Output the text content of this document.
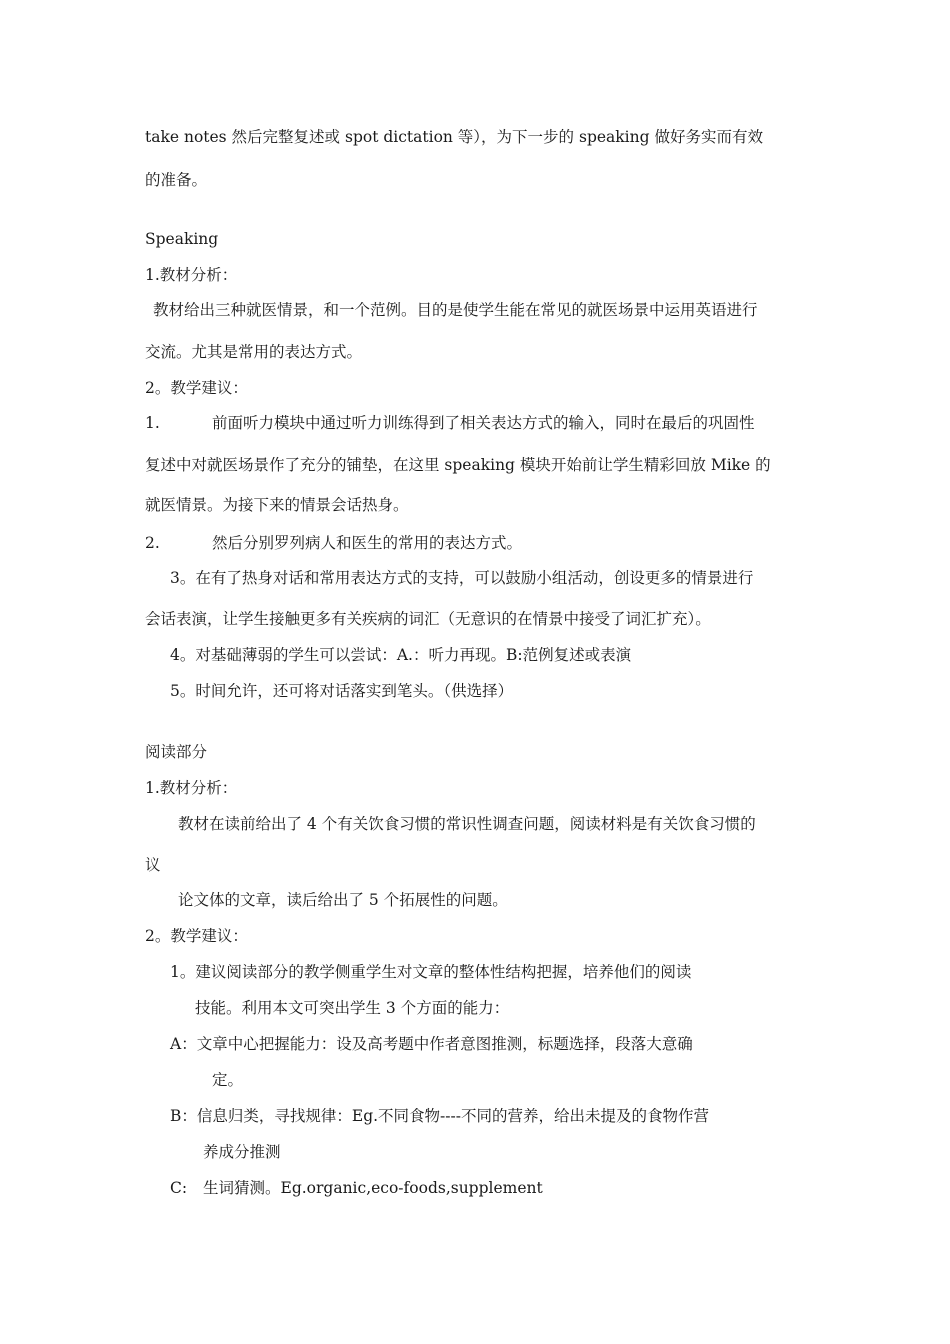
take notes 然后完整复述或 spot dictation 等），为下一步的 speaking 做好务实而有效
的准备。
Speaking
1.教材分析：
教材给出三种就医情景，和一个范例。目的是使学生能在常见的就医场景中运用英语进行
交流。尤其是常用的表达方式。
2。教学建议：
1.	前面听力模块中通过听力训练得到了相关表达方式的输入，同时在最后的巩固性
复述中对就医场景作了充分的铺垫，在这里 speaking 模块开始前让学生精彩回放 Mike 的
就医情景。为接下来的情景会话热身。
2.	然后分别罗列病人和医生的常用的表达方式。
3。在有了热身对话和常用表达方式的支持，可以鼓励小组活动，创设更多的情景进行
会话表演，让学生接触更多有关疾病的词汇（无意识的在情景中接受了词汇扩充）。
4。对基础薄弱的学生可以尝试：A.：听力再现。B:范例复述或表演
5。时间允许，还可将对话落实到笔头。（供选择）
阅读部分
1.教材分析：
教材在读前给出了 4 个有关饮食习惯的常识性调查问题，阅读材料是有关饮食习惯的
议
论文体的文章，读后给出了 5 个拓展性的问题。
2。教学建议：
1。建议阅读部分的教学侧重学生对文章的整体性结构把握，培养他们的阅读
技能。利用本文可突出学生 3 个方面的能力：
A：文章中心把握能力：设及高考题中作者意图推测，标题选择，段落大意确
定。
B：信息归类，寻找规律：Eg.不同食物----不同的营养，给出未提及的食物作营
养成分推测
C: 生词猜测。Eg.organic,eco-foods,supplement
